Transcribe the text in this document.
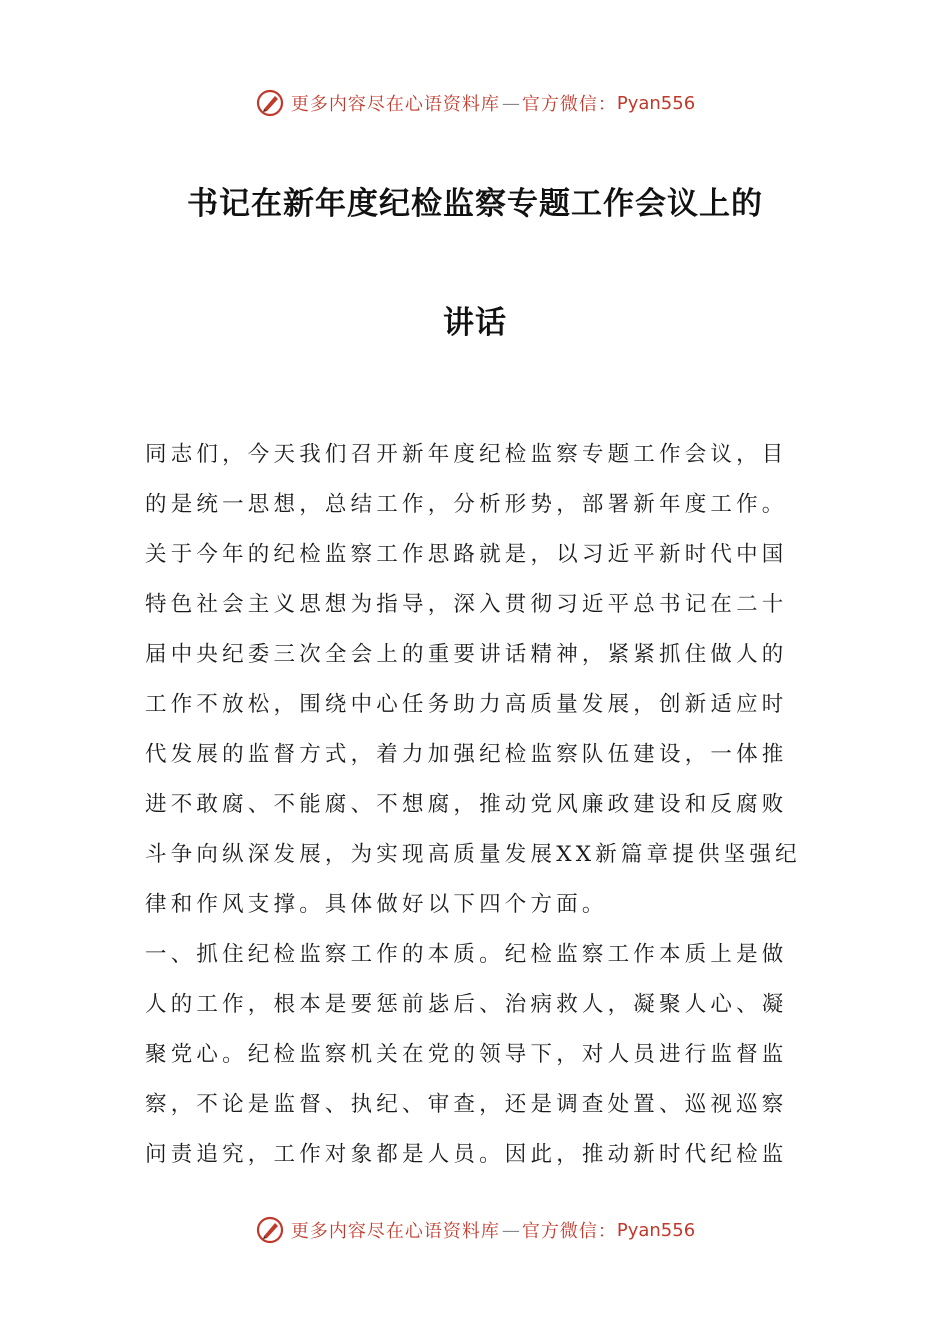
更多内容尽在心语资料库 — 官方微信： Pyan556
书记在新年度纪检监察专题工作会议上的
讲话
同志们，今天我们召开新年度纪检监察专题工作会议，目
的是统一思想，总结工作，分析形势，部署新年度工作。
关于今年的纪检监察工作思路就是，以习近平新时代中国
特色社会主义思想为指导，深入贯彻习近平总书记在二十
届中央纪委三次全会上的重要讲话精神，紧紧抓住做人的
工作不放松，围绕中心任务助力高质量发展，创新适应时
代发展的监督方式，着力加强纪检监察队伍建设，一体推
进不敢腐、不能腐、不想腐，推动党风廉政建设和反腐败
斗争向纵深发展，为实现高质量发展XX新篇章提供坚强纪
律和作风支撑。具体做好以下四个方面。
一、抓住纪检监察工作的本质。纪检监察工作本质上是做
人的工作，根本是要惩前毖后、治病救人，凝聚人心、凝
聚党心。纪检监察机关在党的领导下，对人员进行监督监
察，不论是监督、执纪、审查，还是调查处置、巡视巡察
问责追究，工作对象都是人员。因此，推动新时代纪检监
更多内容尽在心语资料库 — 官方微信： Pyan556
